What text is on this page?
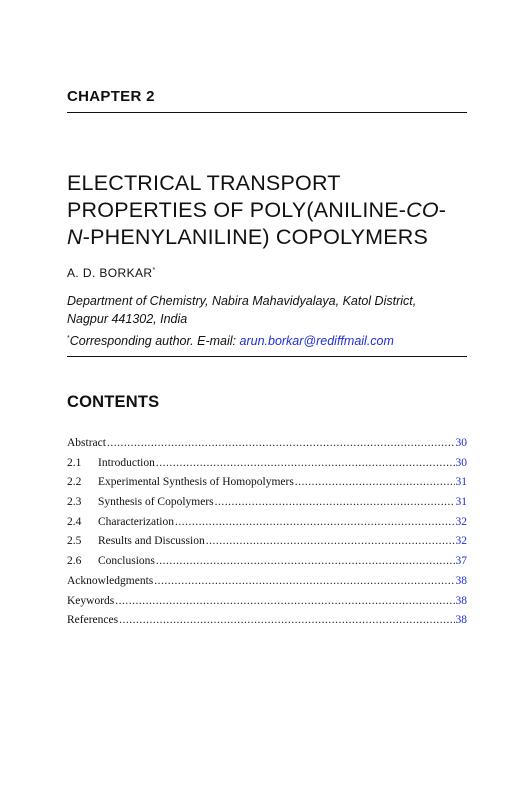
CHAPTER 2
ELECTRICAL TRANSPORT
PROPERTIES OF POLY(ANILINE-CO-
N-PHENYLANILINE) COPOLYMERS
A. D. BORKAR*
Department of Chemistry, Nabira Mahavidyalaya, Katol District,
Nagpur 441302, India
*Corresponding author. E-mail: arun.borkar@rediffmail.com
CONTENTS
Abstract .....	30
2.1	Introduction .....	30
2.2	Experimental Synthesis of Homopolymers .....	31
2.3	Synthesis of Copolymers .....	31
2.4	Characterization .....	32
2.5	Results and Discussion .....	32
2.6	Conclusions .....	37
Acknowledgments .....	38
Keywords .....	38
References .....	38
